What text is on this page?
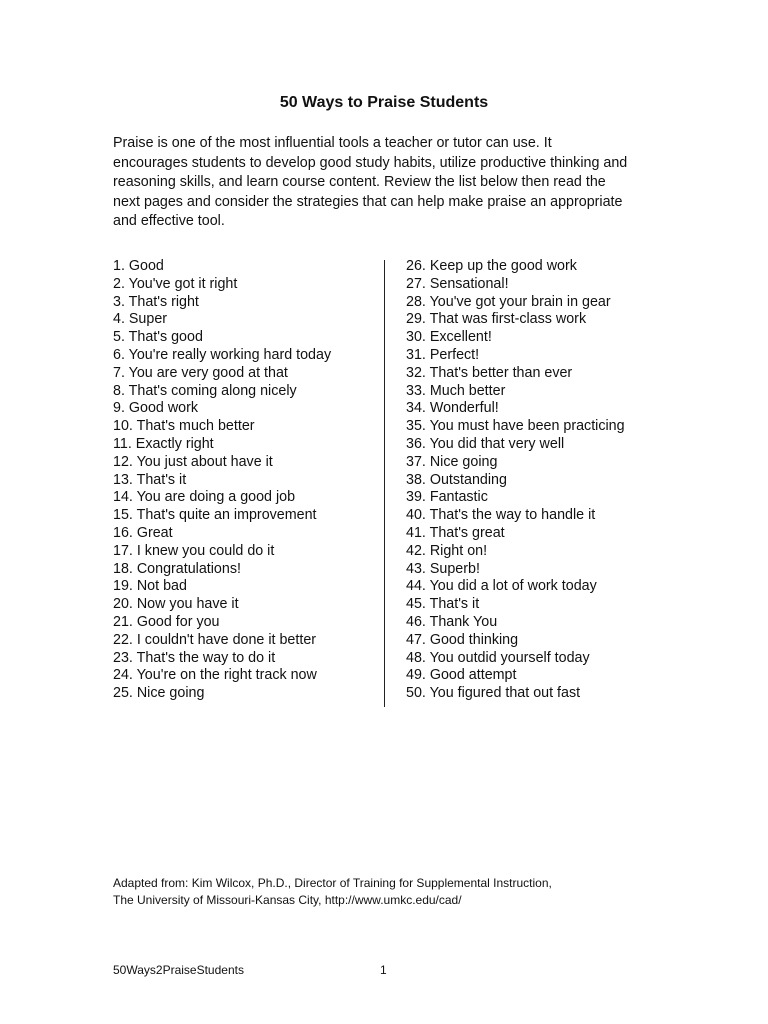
50 Ways to Praise Students
Praise is one of the most influential tools a teacher or tutor can use. It
encourages students to develop good study habits, utilize productive thinking and
reasoning skills, and learn course content. Review the list below then read the
next pages and consider the strategies that can help make praise an appropriate
and effective tool.
1. Good
2. You've got it right
3. That's right
4. Super
5. That's good
6. You're really working hard today
7. You are very good at that
8. That's coming along nicely
9. Good work
10. That's much better
11. Exactly right
12. You just about have it
13. That's it
14. You are doing a good job
15. That's quite an improvement
16. Great
17. I knew you could do it
18. Congratulations!
19. Not bad
20. Now you have it
21. Good for you
22. I couldn't have done it better
23. That's the way to do it
24. You're on the right track now
25. Nice going
26. Keep up the good work
27. Sensational!
28. You've got your brain in gear
29. That was first-class work
30. Excellent!
31. Perfect!
32. That's better than ever
33. Much better
34. Wonderful!
35. You must have been practicing
36. You did that very well
37. Nice going
38. Outstanding
39. Fantastic
40. That's the way to handle it
41. That's great
42. Right on!
43. Superb!
44. You did a lot of work today
45. That's it
46. Thank You
47. Good thinking
48. You outdid yourself today
49. Good attempt
50. You figured that out fast
Adapted from: Kim Wilcox, Ph.D., Director of Training for Supplemental Instruction,
The University of Missouri-Kansas City, http://www.umkc.edu/cad/
50Ways2PraiseStudents	1
